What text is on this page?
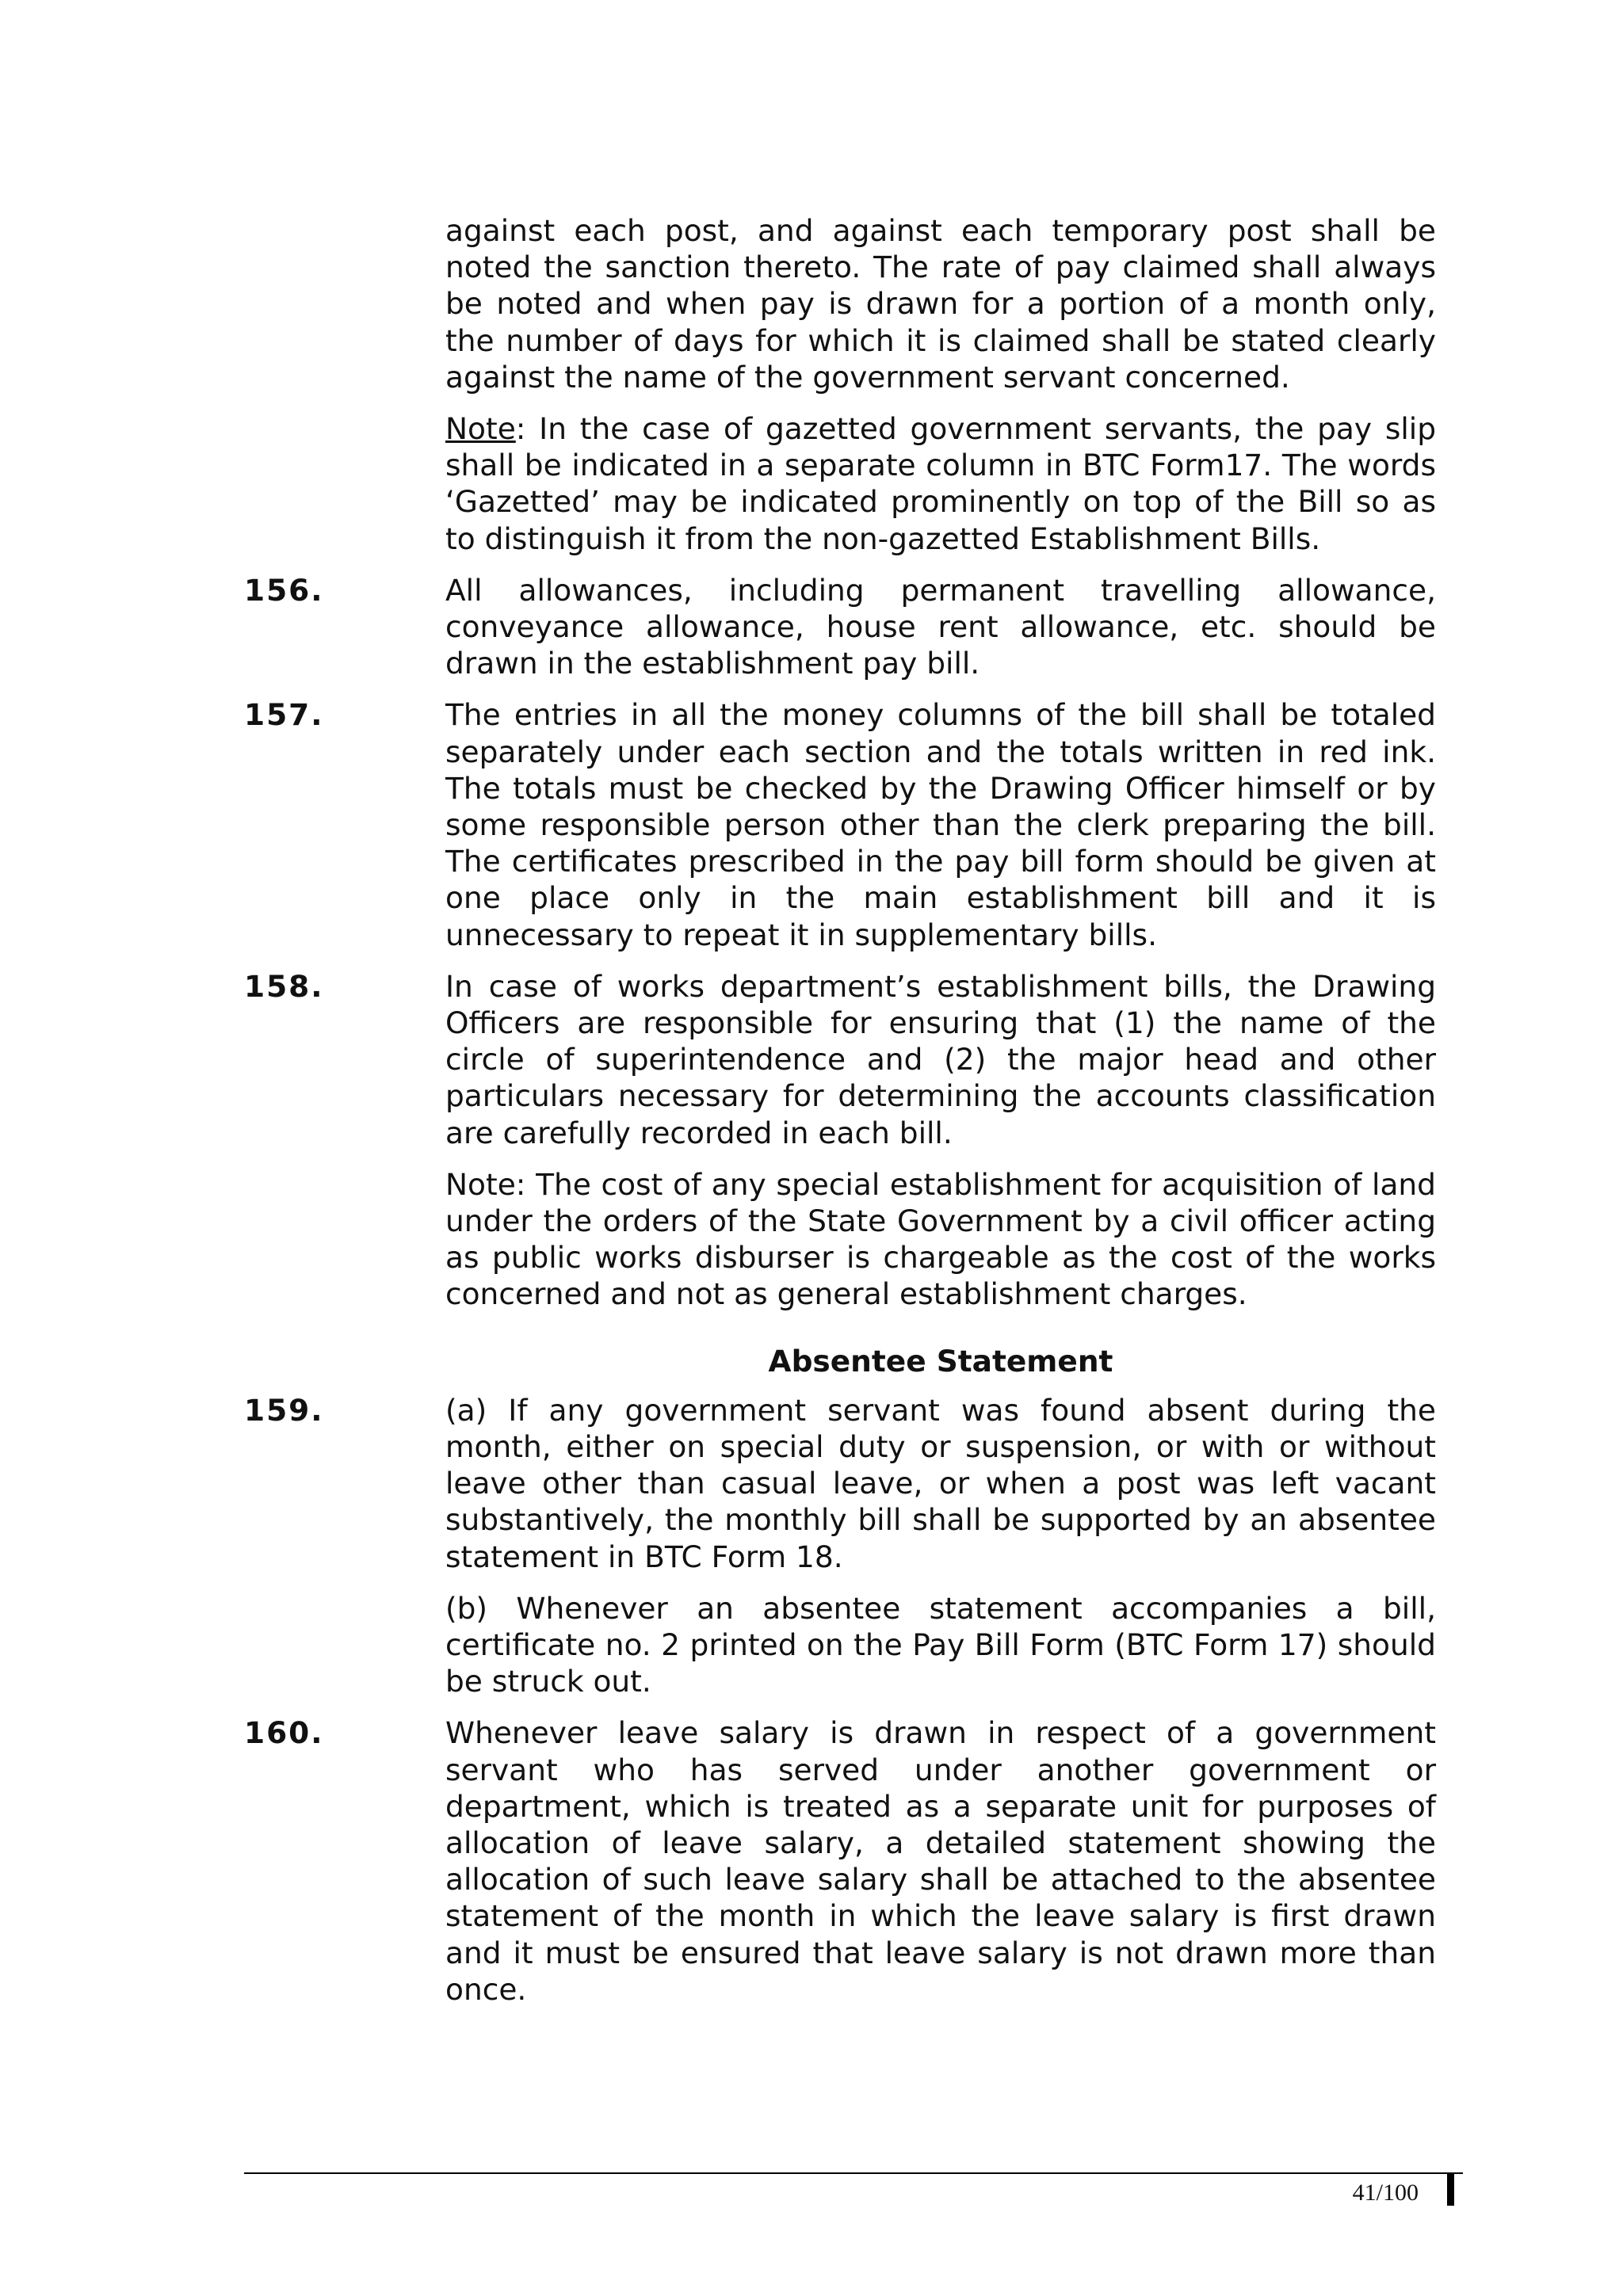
against each post, and against each temporary post shall be noted the sanction thereto. The rate of pay claimed shall always be noted and when pay is drawn for a portion of a month only, the number of days for which it is claimed shall be stated clearly against the name of the government servant concerned.

Note: In the case of gazetted government servants, the pay slip shall be indicated in a separate column in BTC Form17. The words ‘Gazetted’ may be indicated prominently on top of the Bill so as to distinguish it from the non-gazetted Establishment Bills.

156.	All allowances, including permanent travelling allowance, conveyance allowance, house rent allowance, etc. should be drawn in the establishment pay bill.

157.	The entries in all the money columns of the bill shall be totaled separately under each section and the totals written in red ink. The totals must be checked by the Drawing Officer himself or by some responsible person other than the clerk preparing the bill. The certificates prescribed in the pay bill form should be given at one place only in the main establishment bill and it is unnecessary to repeat it in supplementary bills.

158.	In case of works department’s establishment bills, the Drawing Officers are responsible for ensuring that (1) the name of the circle of superintendence and (2) the major head and other particulars necessary for determining the accounts classification are carefully recorded in each bill.

Note: The cost of any special establishment for acquisition of land under the orders of the State Government by a civil officer acting as public works disburser is chargeable as the cost of the works concerned and not as general establishment charges.

Absentee Statement

159.	(a) If any government servant was found absent during the month, either on special duty or suspension, or with or without leave other than casual leave, or when a post was left vacant substantively, the monthly bill shall be supported by an absentee statement in BTC Form 18.

(b) Whenever an absentee statement accompanies a bill, certificate no. 2 printed on the Pay Bill Form (BTC Form 17) should be struck out.

160.	Whenever leave salary is drawn in respect of a government servant who has served under another government or department, which is treated as a separate unit for purposes of allocation of leave salary, a detailed statement showing the allocation of such leave salary shall be attached to the absentee statement of the month in which the leave salary is first drawn and it must be ensured that leave salary is not drawn more than once.

41/100
